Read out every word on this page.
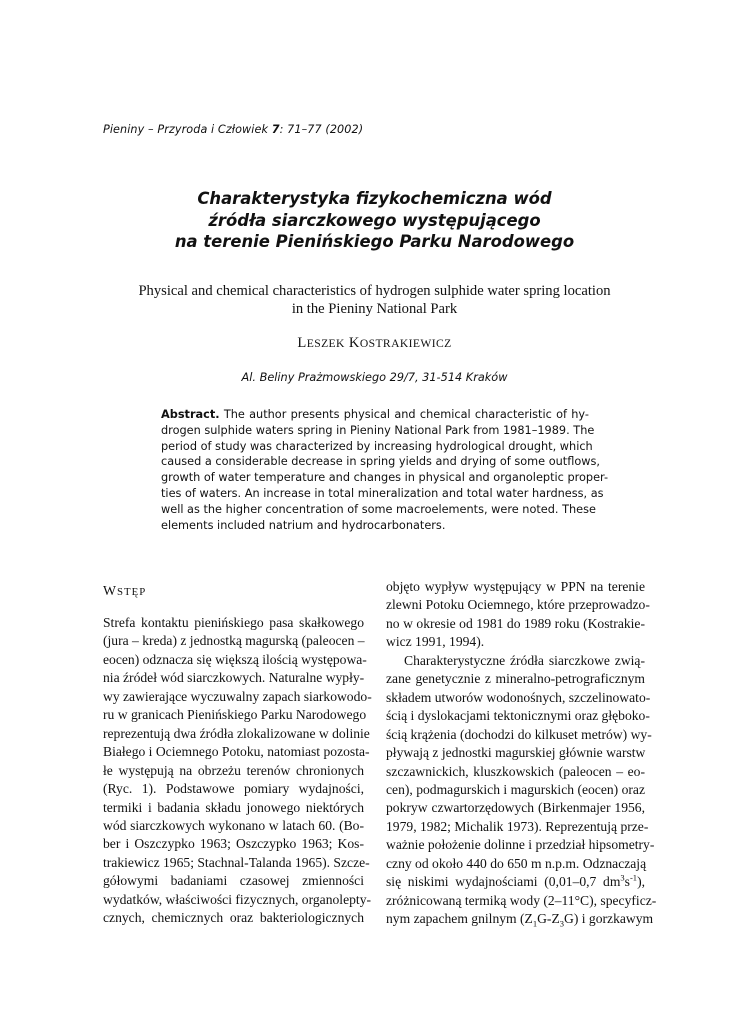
Pieniny – Przyroda i Człowiek 7: 71–77 (2002)
Charakterystyka fizykochemiczna wód
źródła siarczkowego występującego
na terenie Pienińskiego Parku Narodowego
Physical and chemical characteristics of hydrogen sulphide water spring location
in the Pieniny National Park
LESZEK KOSTRAKIEWICZ
Al. Beliny Prażmowskiego 29/7, 31-514 Kraków
Abstract. The author presents physical and chemical characteristic of hy-
drogen sulphide waters spring in Pieniny National Park from 1981–1989. The
period of study was characterized by increasing hydrological drought, which
caused a considerable decrease in spring yields and drying of some outflows,
growth of water temperature and changes in physical and organoleptic proper-
ties of waters. An increase in total mineralization and total water hardness, as
well as the higher concentration of some macroelements, were noted. These
elements included natrium and hydrocarbonaters.
WSTĘP
Strefa kontaktu pienińskiego pasa skałkowego
(jura – kreda) z jednostką magurską (paleocen –
eocen) odznacza się większą ilością występowa-
nia źródeł wód siarczkowych. Naturalne wypły-
wy zawierające wyczuwalny zapach siarkowodo-
ru w granicach Pienińskiego Parku Narodowego
reprezentują dwa źródła zlokalizowane w dolinie
Białego i Ociemnego Potoku, natomiast pozosta-
łe występują na obrzeżu terenów chronionych
(Ryc. 1). Podstawowe pomiary wydajności,
termiki i badania składu jonowego niektórych
wód siarczkowych wykonano w latach 60. (Bo-
ber i Oszczypko 1963; Oszczypko 1963; Kos-
trakiewicz 1965; Stachnal-Talanda 1965). Szcze-
gółowymi badaniami czasowej zmienności
wydatków, właściwości fizycznych, organolepty-
cznych, chemicznych oraz bakteriologicznych
objęto wypływ występujący w PPN na terenie
zlewni Potoku Ociemnego, które przeprowadzo-
no w okresie od 1981 do 1989 roku (Kostrakie-
wicz 1991, 1994).
Charakterystyczne źródła siarczkowe zwią-
zane genetycznie z mineralno-petrograficznym
składem utworów wodonośnych, szczelinowato-
ścią i dyslokacjami tektonicznymi oraz głęboko-
ścią krążenia (dochodzi do kilkuset metrów) wy-
pływają z jednostki magurskiej głównie warstw
szczawnickich, kluszkowskich (paleocen – eo-
cen), podmagurskich i magurskich (eocen) oraz
pokryw czwartorzędowych (Birkenmajer 1956,
1979, 1982; Michalik 1973). Reprezentują prze-
ważnie położenie dolinne i przedział hipsometry-
czny od około 440 do 650 m n.p.m. Odznaczają
się niskimi wydajnościami (0,01–0,7 $dm^3s^{-1}$),
zróżnicowaną termiką wody (2–11°C), specyficz-
nym zapachem gnilnym $(Z_1G-Z_3G)$ i gorzkawym
